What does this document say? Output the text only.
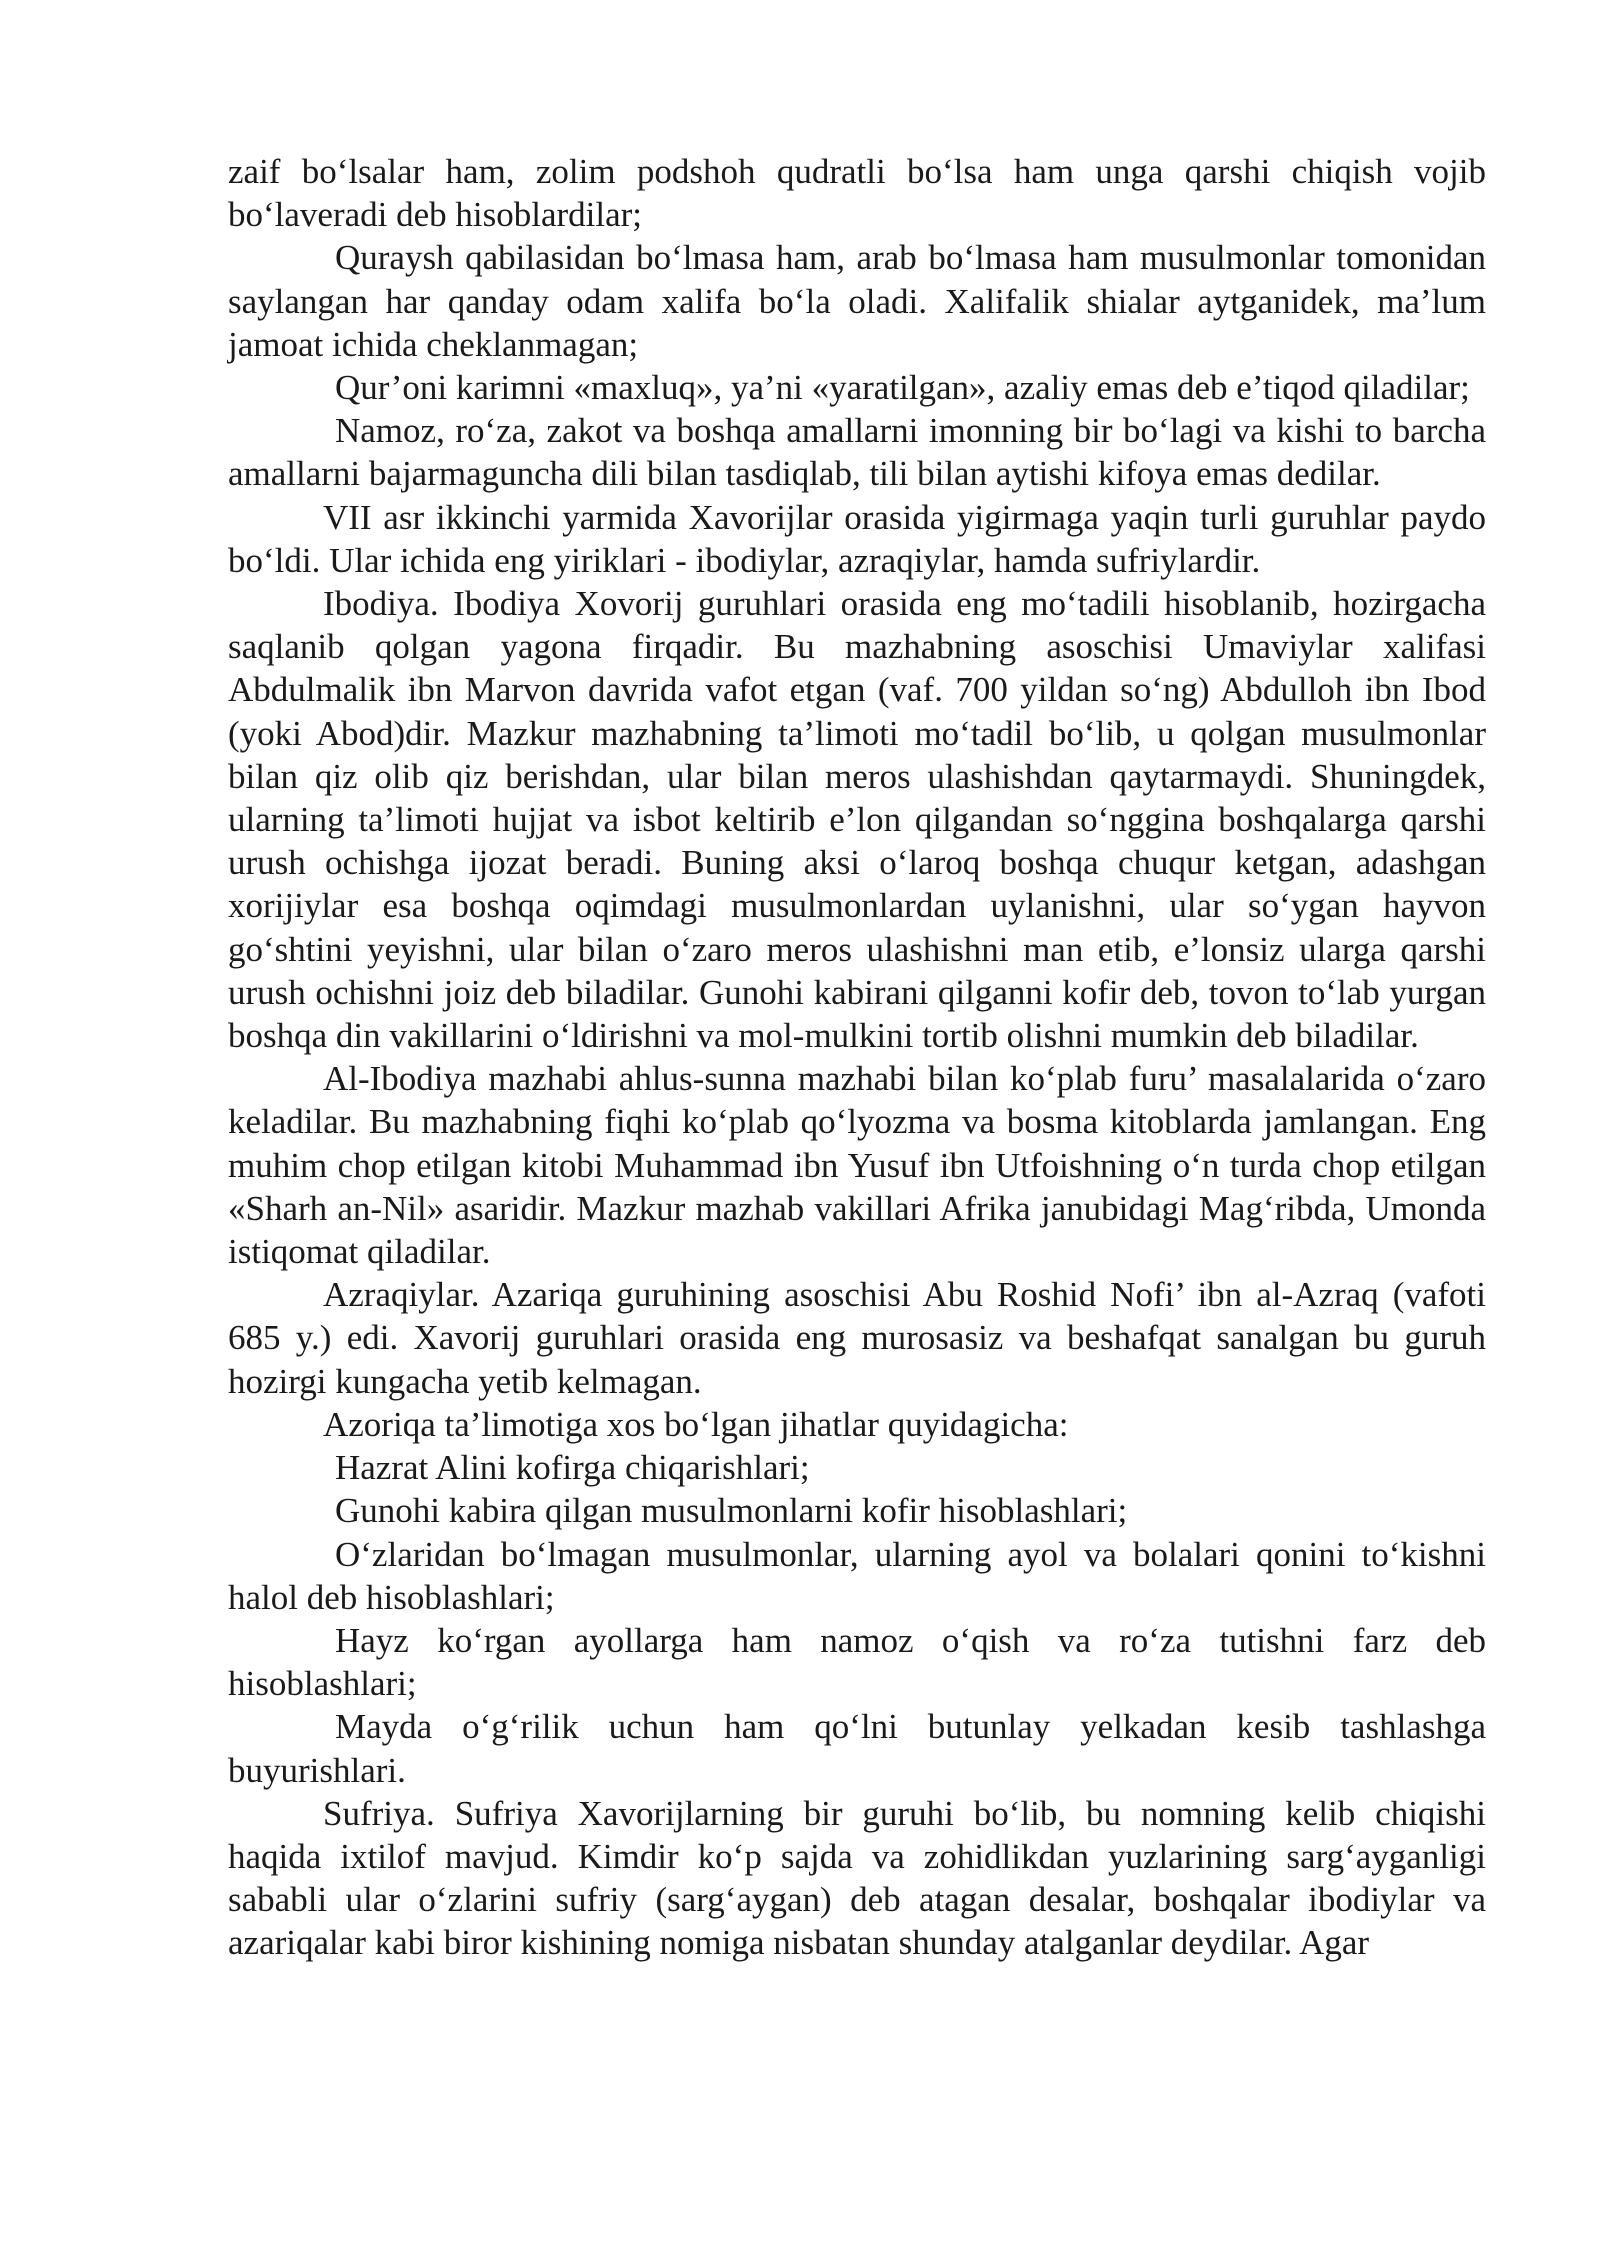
zaif bo‘lsalar ham, zolim podshoh qudratli bo‘lsa ham unga qarshi chiqish vojib bo‘laveradi deb hisoblardilar;

Quraysh qabilasidan bo‘lmasa ham, arab bo‘lmasa ham musulmonlar tomonidan saylangan har qanday odam xalifa bo‘la oladi. Xalifalik shialar aytganidek, ma’lum jamoat ichida cheklanmagan;

Qur’oni karimni «maxluq», ya’ni «yaratilgan», azaliy emas deb e’tiqod qiladilar;

Namoz, ro‘za, zakot va boshqa amallarni imonning bir bo‘lagi va kishi to barcha amallarni bajarmaguncha dili bilan tasdiqlab, tili bilan aytishi kifoya emas dedilar.

VII asr ikkinchi yarmida Xavorijlar orasida yigirmaga yaqin turli guruhlar paydo bo‘ldi. Ular ichida eng yiriklari - ibodiylar, azraqiylar, hamda sufriylardir.

Ibodiya. Ibodiya Xovorij guruhlari orasida eng mo‘tadili hisoblanib, hozirgacha saqlanib qolgan yagona firqadir. Bu mazhabning asoschisi Umaviylar xalifasi Abdulmalik ibn Marvon davrida vafot etgan (vaf. 700 yildan so‘ng) Abdulloh ibn Ibod (yoki Abod)dir. Mazkur mazhabning ta’limoti mo‘tadil bo‘lib, u qolgan musulmonlar bilan qiz olib qiz berishdan, ular bilan meros ulashishdan qaytarmaydi. Shuningdek, ularning ta’limoti hujjat va isbot keltirib e’lon qilgandan so‘nggina boshqalarga qarshi urush ochishga ijozat beradi. Buning aksi o‘laroq boshqa chuqur ketgan, adashgan xorijiylar esa boshqa oqimdagi musulmonlardan uylanishni, ular so‘ygan hayvon go‘shtini yeyishni, ular bilan o‘zaro meros ulashishni man etib, e’lonsiz ularga qarshi urush ochishni joiz deb biladilar. Gunohi kabirani qilganni kofir deb, tovon to‘lab yurgan boshqa din vakillarini o‘ldirishni va mol-mulkini tortib olishni mumkin deb biladilar.

Al-Ibodiya mazhabi ahlus-sunna mazhabi bilan ko‘plab furu’ masalalarida o‘zaro keladilar. Bu mazhabning fiqhi ko‘plab qo‘lyozma va bosma kitoblarda jamlangan. Eng muhim chop etilgan kitobi Muhammad ibn Yusuf ibn Utfoishning o‘n turda chop etilgan «Sharh an-Nil» asaridir. Mazkur mazhab vakillari Afrika janubidagi Mag‘ribda, Umonda istiqomat qiladilar.

Azraqiylar. Azariqa guruhining asoschisi Abu Roshid Nofi’ ibn al-Azraq (vafoti 685 y.) edi. Xavorij guruhlari orasida eng murosasiz va beshafqat sanalgan bu guruh hozirgi kungacha yetib kelmagan.

Azoriqa ta’limotiga xos bo‘lgan jihatlar quyidagicha:

Hazrat Alini kofirga chiqarishlari;

Gunohi kabira qilgan musulmonlarni kofir hisoblashlari;

O‘zlaridan bo‘lmagan musulmonlar, ularning ayol va bolalari qonini to‘kishni halol deb hisoblashlari;

Hayz ko‘rgan ayollarga ham namoz o‘qish va ro‘za tutishni farz deb hisoblashlari;

Mayda o‘g‘rilik uchun ham qo‘lni butunlay yelkadan kesib tashlashga buyurishlari.

Sufriya. Sufriya Xavorijlarning bir guruhi bo‘lib, bu nomning kelib chiqishi haqida ixtilof mavjud. Kimdir ko‘p sajda va zohidlikdan yuzlarining sarg‘ayganligi sababli ular o‘zlarini sufriy (sarg‘aygan) deb atagan desalar, boshqalar ibodiylar va azariqalar kabi biror kishining nomiga nisbatan shunday atalganlar deydilar. Agar
